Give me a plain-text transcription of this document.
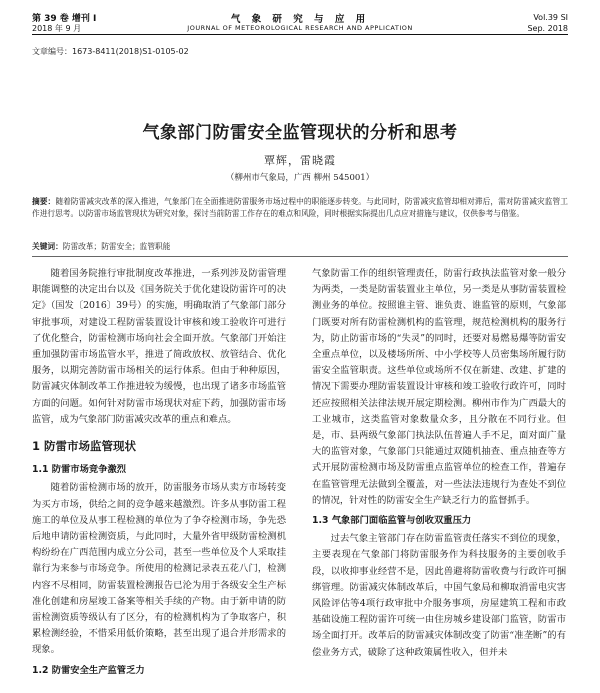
第 39 卷 增刊 I
2018 年 9 月
气 象 研 究 与 应 用
JOURNAL OF METEOROLOGICAL RESEARCH AND APPLICATION
Vol.39 SI
Sep. 2018
文章编号：1673-8411(2018)S1-0105-02
气象部门防雷安全监管现状的分析和思考
覃辉，雷晓霞
（柳州市气象局，广西 柳州 545001）
摘要：随着防雷减灾改革的深入推进，气象部门在全面推进防雷服务市场过程中的职能逐步转变。与此同时，防雷减灾监管却相对滞后，需对防雷减灾监管工作进行思考。以防雷市场监管现状为研究对象，探讨当前防雷工作存在的难点和风险，同时根据实际提出几点应对措施与建议，仅供参考与借鉴。
关键词：防雷改革；防雷安全；监管职能

随着国务院推行审批制度改革推进，一系列涉及防雷管理职能调整的决定出台以及《国务院关于优化建设防雷许可的决定》（国发〔2016〕39号）的实施，明确取消了气象部门部分审批事项，对建设工程防雷装置设计审核和竣工验收许可进行了优化整合，防雷检测市场向社会全面开放。气象部门开始注重加强防雷市场监管水平，推进了简政放权、放管结合、优化服务，以期完善防雷市场相关的运行体系。但由于种种原因，防雷减灾体制改革工作推进较为缓慢，也出现了诸多市场监管方面的问题。如何针对防雷市场现状对症下药，加强防雷市场监管，成为气象部门防雷减灾改革的重点和难点。

1 防雷市场监管现状
1.1 防雷市场竞争激烈

随着防雷检测市场的放开，防雷服务市场从卖方市场转变为买方市场，供给之间的竞争越来越激烈。许多从事防雷工程施工的单位及从事工程检测的单位为了争夺检测市场，争先恐后地申请防雷检测资质，与此同时，大量外省甲级防雷检测机构纷纷在广西范围内成立分公司，甚至一些单位及个人采取挂靠行为来参与市场竞争。所使用的检测记录表五花八门，检测内容不尽相同，防雷装置检测报告已沦为用于各级安全生产标准化创建和房屋竣工备案等相关手续的产物。由于新申请的防雷检测资质等级认有了区分，有的检测机构为了争取客户，积累检测经验，不惜采用低价策略，甚至出现了退合并形需求的现象。

1.2 防雷安全生产监管乏力

气象防雷工作的组织管理责任，防雷行政执法监管对象一般分为两类，一类是防雷装置业主单位，另一类是从事防雷装置检测业务的单位。按照谁主管、谁负责、谁监管的原则，气象部门既要对所有防雷检测机构的监管理，规范检测机构的服务行为，防止防雷市场的“失灵”的同时，还要对易燃易爆等防雷安全重点单位，以及楼场所所、中小学校等人员密集场所履行防雷安全监管职责。这些单位或场所不仅在新建、改建、扩建的情况下需要办理防雷装置设计审核和竣工验收行政许可，同时还应按照相关法律法规开展定期检测。柳州市作为广西最大的工业城市，这类监管对象数量众多，且分散在不同行业。但是，市、县两级气象部门执法队伍普遍人手不足，面对面广量大的监管对象，气象部门只能通过双随机抽查、重点抽查等方式开展防雷检测市场及防雷重点监管单位的检查工作，普遍存在监管管理无法做到全覆盖，对一些法法违规行为查处不到位的情况，针对性的防雷安全生产缺乏行力的监督抓手。

1.3 气象部门面临监管与创收双重压力

过去气象主管部门存在防雷监管责任落实不到位的现象，主要表现在气象部门将防雷服务作为科技服务的主要创收手段，以收抑事业经营不是，因此兽避将防雷收费与行政许可捆绑管理。防雷减灾体制改革后，中国气象局和柳取消雷电灾害风险评估等4项行政审批中介服务事项，房屋建筑工程和市政基础设施工程防雷许可统一由住房城乡建设部门监管，防雷市场全面打开。改革后的防雷减灾体制改变了防雷“准垄断”的有偿业务方式，破除了这种政策属性收入，但并未
